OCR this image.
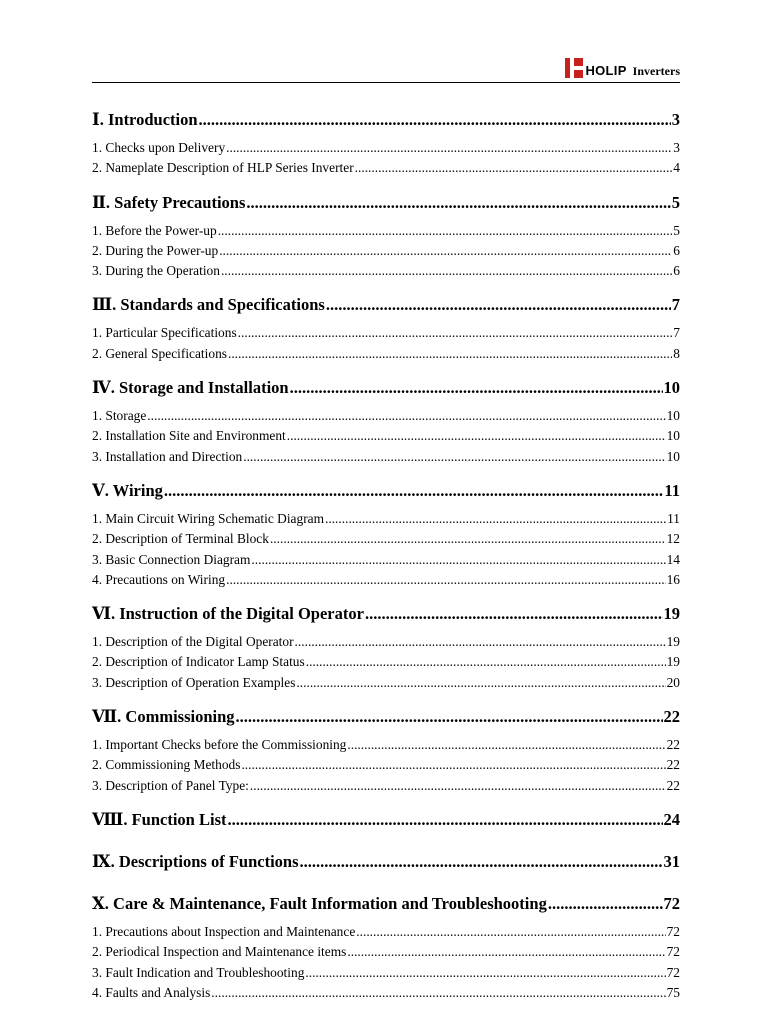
HOLIP Inverters
Ⅰ. Introduction .....	3
1. Checks upon Delivery .....	3
2. Nameplate Description of HLP Series Inverter .....	4
Ⅱ. Safety Precautions .....	5
1. Before the Power-up .....	5
2. During the Power-up .....	6
3. During the Operation .....	6
Ⅲ. Standards and Specifications .....	7
1. Particular Specifications .....	7
2. General Specifications .....	8
Ⅳ. Storage and Installation .....	10
1. Storage .....	10
2. Installation Site and Environment .....	10
3. Installation and Direction .....	10
Ⅴ. Wiring .....	11
1. Main Circuit Wiring Schematic Diagram .....	11
2. Description of Terminal Block .....	12
3. Basic Connection Diagram .....	14
4. Precautions on Wiring .....	16
Ⅵ. Instruction of the Digital Operator .....	19
1. Description of the Digital Operator .....	19
2. Description of Indicator Lamp Status .....	19
3. Description of Operation Examples .....	20
Ⅶ. Commissioning .....	22
1. Important Checks before the Commissioning .....	22
2. Commissioning Methods .....	22
3. Description of Panel Type: .....	22
Ⅷ. Function List .....	24
Ⅸ. Descriptions of Functions .....	31
Ⅹ. Care & Maintenance, Fault Information and Troubleshooting .....	72
1. Precautions about Inspection and Maintenance .....	72
2. Periodical Inspection and Maintenance items .....	72
3. Fault Indication and Troubleshooting .....	72
4. Faults and Analysis .....	75
